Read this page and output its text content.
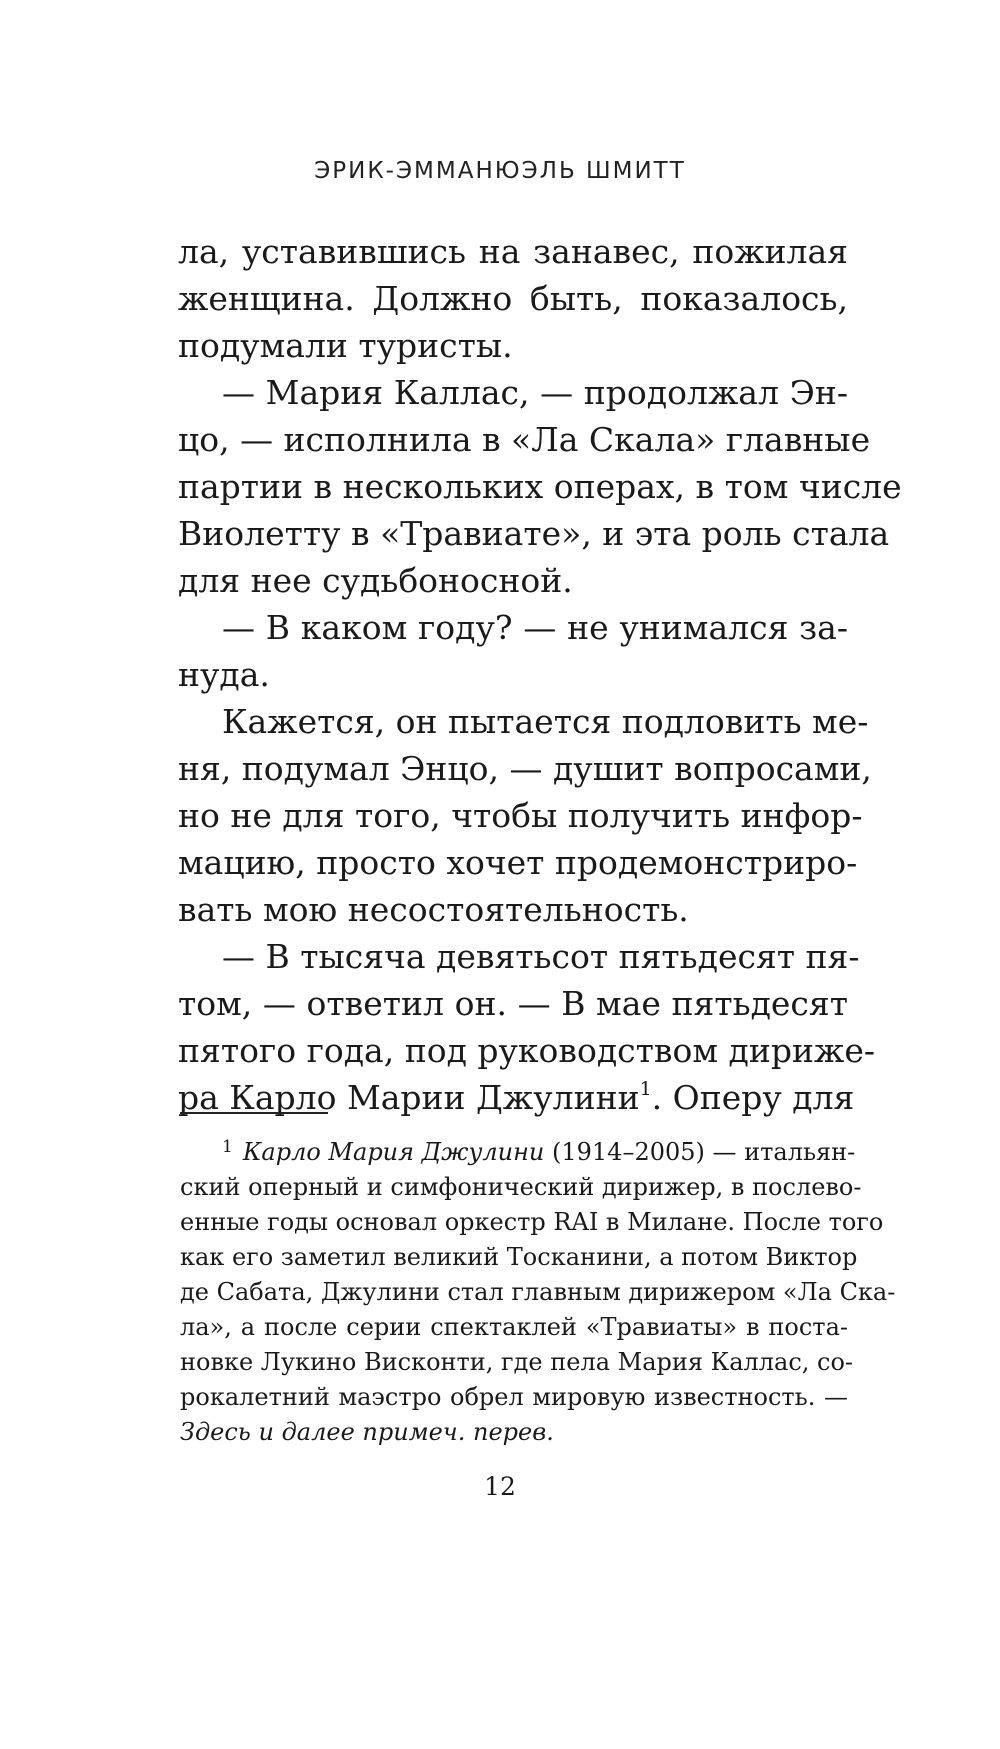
ЭРИК-ЭММАНЮЭЛЬ ШМИТТ
ла, уставившись на занавес, пожилая
женщина. Должно быть, показалось,
подумали туристы.
— Мария Каллас, — продолжал Эн-
цо, — исполнила в «Ла Скала» главные
партии в нескольких операх, в том числе
Виолетту в «Травиате», и эта роль стала
для нее судьбоносной.
— В каком году? — не унимался за-
нуда.
Кажется, он пытается подловить ме-
ня, подумал Энцо, — душит вопросами,
но не для того, чтобы получить инфор-
мацию, просто хочет продемонстриро-
вать мою несостоятельность.
— В тысяча девятьсот пятьдесят пя-
том, — ответил он. — В мае пятьдесят
пятого года, под руководством дирижe-
ра Карло Марии Джулини$^1$. Оперу для
$^1$ Карло Мария Джулини (1914–2005) — итальян-
ский оперный и симфонический дирижер, в послево-
енные годы основал оркестр RAI в Милане. После того
как его заметил великий Тосканини, а потом Виктор
де Сабата, Джулини стал главным дирижером «Ла Ска-
ла», а после серии спектаклей «Травиаты» в поста-
новке Лукино Висконти, где пела Мария Каллас, со-
рокалетний маэстро обрел мировую известность. —
Здесь и далее примеч. перев.
12
